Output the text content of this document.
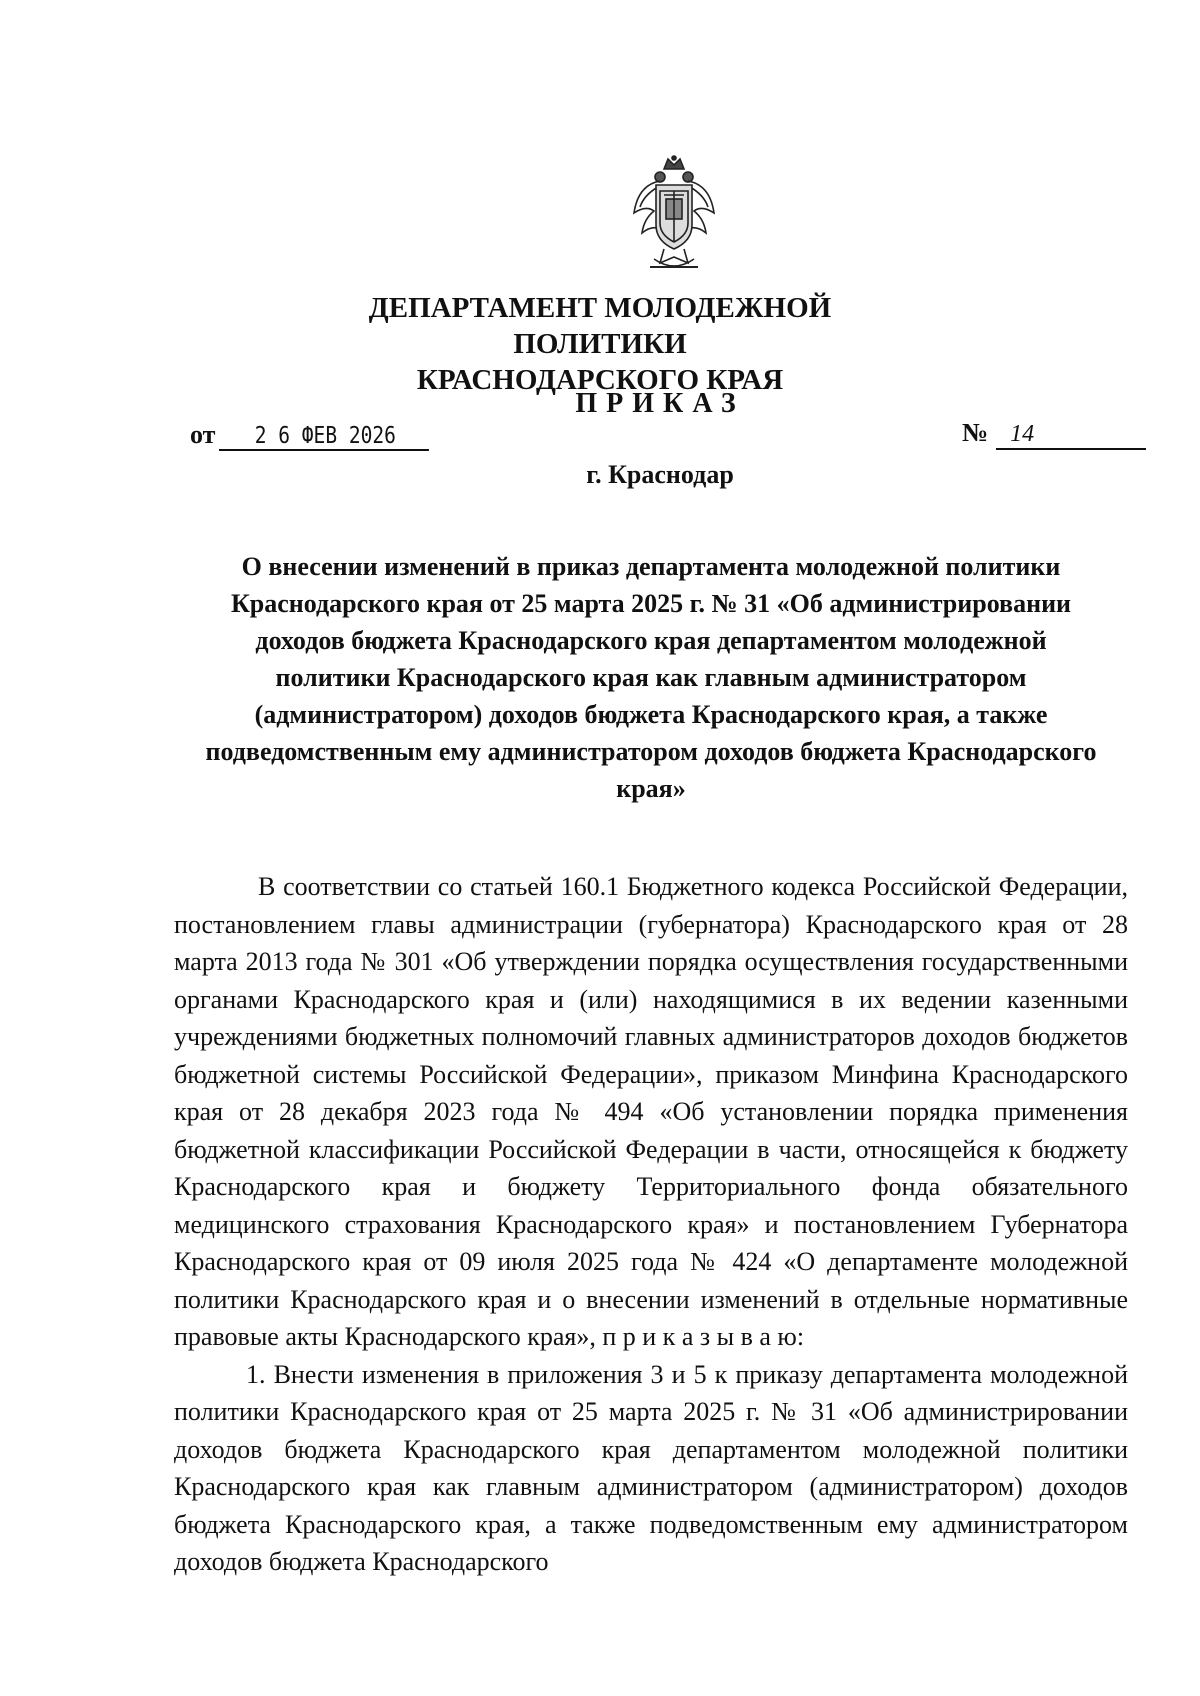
ДЕПАРТАМЕНТ МОЛОДЕЖНОЙ ПОЛИТИКИ
КРАСНОДАРСКОГО КРАЯ
ПРИКАЗ
от 2 6 ФЕВ 2026	№ 14
г. Краснодар
О внесении изменений в приказ департамента молодежной политики Краснодарского края от 25 марта 2025 г. № 31 «Об администрировании доходов бюджета Краснодарского края департаментом молодежной политики Краснодарского края как главным администратором (администратором) доходов бюджета Краснодарского края, а также подведомственным ему администратором доходов бюджета Краснодарского края»

В соответствии со статьей 160.1 Бюджетного кодекса Российской Федерации, постановлением главы администрации (губернатора) Краснодарского края от 28 марта 2013 года № 301 «Об утверждении порядка осуществления государственными органами Краснодарского края и (или) находящимися в их ведении казенными учреждениями бюджетных полномочий главных администраторов доходов бюджетов бюджетной системы Российской Федерации», приказом Минфина Краснодарского края от 28 декабря 2023 года № 494 «Об установлении порядка применения бюджетной классификации Российской Федерации в части, относящейся к бюджету Краснодарского края и бюджету Территориального фонда обязательного медицинского страхования Краснодарского края» и постановлением Губернатора Краснодарского края от 09 июля 2025 года № 424 «О департаменте молодежной политики Краснодарского края и о внесении изменений в отдельные нормативные правовые акты Краснодарского края», п р и к а з ы в а ю:

1. Внести изменения в приложения 3 и 5 к приказу департамента молодежной политики Краснодарского края от 25 марта 2025 г. № 31 «Об администрировании доходов бюджета Краснодарского края департаментом молодежной политики Краснодарского края как главным администратором (администратором) доходов бюджета Краснодарского края, а также подведомственным ему администратором доходов бюджета Краснодарского
